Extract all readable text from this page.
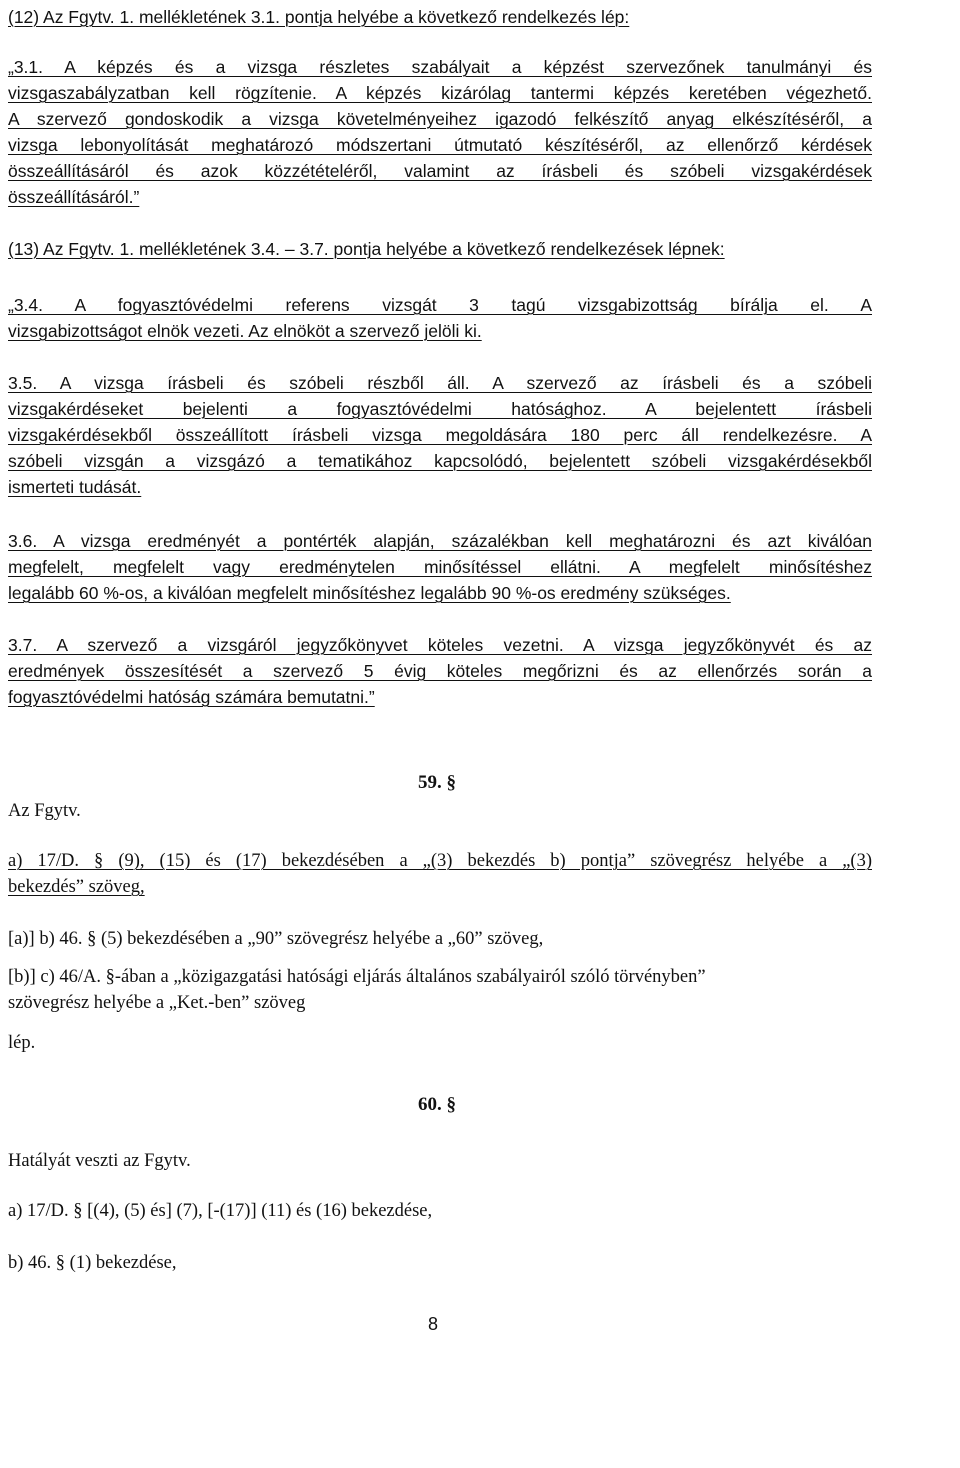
(12) Az Fgytv. 1. mellékletének 3.1. pontja helyébe a következő rendelkezés lép:
„3.1. A képzés és a vizsga részletes szabályait a képzést szervezőnek tanulmányi és
vizsgaszabályzatban kell rögzítenie. A képzés kizárólag tantermi képzés keretében végezhető.
A szervező gondoskodik a vizsga követelményeihez igazodó felkészítő anyag elkészítéséről, a
vizsga lebonyolítását meghatározó módszertani útmutató készítéséről, az ellenőrző kérdések
összeállításáról és azok közzétételéről, valamint az írásbeli és szóbeli vizsgakérdések
összeállításáról.”
(13) Az Fgytv. 1. mellékletének 3.4. – 3.7. pontja helyébe a következő rendelkezések lépnek:
„3.4. A fogyasztóvédelmi referens vizsgát 3 tagú vizsgabizottság bírálja el. A
vizsgabizottságot elnök vezeti. Az elnököt a szervező jelöli ki.
3.5. A vizsga írásbeli és szóbeli részből áll. A szervező az írásbeli és a szóbeli
vizsgakérdéseket bejelenti a fogyasztóvédelmi hatósághoz. A bejelentett írásbeli
vizsgakérdésekből összeállított írásbeli vizsga megoldására 180 perc áll rendelkezésre. A
szóbeli vizsgán a vizsgázó a tematikához kapcsolódó, bejelentett szóbeli vizsgakérdésekből
ismerteti tudását.
3.6. A vizsga eredményét a pontérték alapján, százalékban kell meghatározni és azt kiválóan
megfelelt, megfelelt vagy eredménytelen minősítéssel ellátni. A megfelelt minősítéshez
legalább 60 %-os, a kiválóan megfelelt minősítéshez legalább 90 %-os eredmény szükséges.
3.7. A szervező a vizsgáról jegyzőkönyvet köteles vezetni. A vizsga jegyzőkönyvét és az
eredmények összesítését a szervező 5 évig köteles megőrizni és az ellenőrzés során a
fogyasztóvédelmi hatóság számára bemutatni.”
59. §
Az Fgytv.
a) 17/D. § (9), (15) és (17) bekezdésében a „(3) bekezdés b) pontja” szövegrész helyébe a „(3)
bekezdés” szöveg,
[a)] b) 46. § (5) bekezdésében a „90” szövegrész helyébe a „60” szöveg,
[b)] c) 46/A. §-ában a „közigazgatási hatósági eljárás általános szabályairól szóló törvényben”
szövegrész helyébe a „Ket.-ben” szöveg
lép.
60. §
Hatályát veszti az Fgytv.
a) 17/D. § [(4), (5) és] (7), [-(17)] (11) és (16) bekezdése,
b) 46. § (1) bekezdése,
8
